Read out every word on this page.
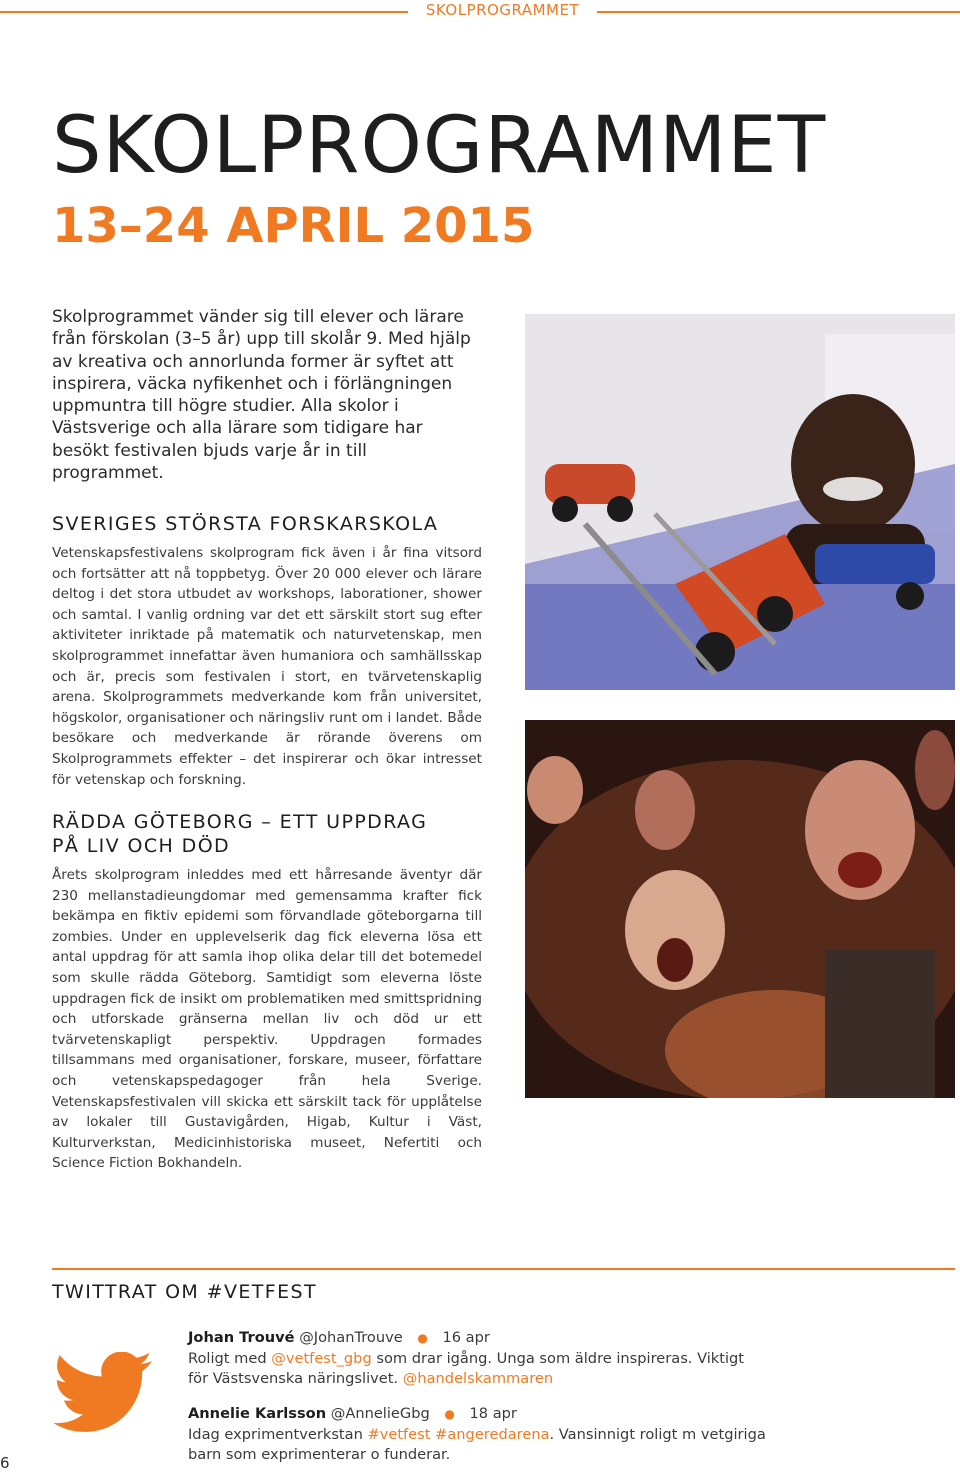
SKOLPROGRAMMET
SKOLPROGRAMMET
13–24 APRIL 2015

Skolprogrammet vänder sig till elever och lärare från förskolan (3–5 år) upp till skolår 9. Med hjälp av kreativa och annorlunda former är syftet att inspirera, väcka nyfikenhet och i förlängningen uppmuntra till högre studier. Alla skolor i Västsverige och alla lärare som tidigare har besökt festivalen bjuds varje år in till programmet.

SVERIGES STÖRSTA FORSKARSKOLA

Vetenskapsfestivalens skolprogram fick även i år fina vitsord och fortsätter att nå toppbetyg. Över 20 000 elever och lärare deltog i det stora utbudet av workshops, laborationer, shower och samtal. I vanlig ordning var det ett särskilt stort sug efter aktiviteter inriktade på matematik och naturvetenskap, men skolprogrammet innefattar även humaniora och samhällsskap och är, precis som festivalen i stort, en tvärvetenskaplig arena. Skolprogrammets medverkande kom från universitet, högskolor, organisationer och näringsliv runt om i landet. Både besökare och medverkande är rörande överens om Skolprogrammets effekter – det inspirerar och ökar intresset för vetenskap och forskning.

RÄDDA GÖTEBORG – ETT UPPDRAG
PÅ LIV OCH DÖD

Årets skolprogram inleddes med ett hårresande äventyr där 230 mellanstadieungdomar med gemensamma krafter fick bekämpa en fiktiv epidemi som förvandlade göteborgarna till zombies. Under en upplevelserik dag fick eleverna lösa ett antal uppdrag för att samla ihop olika delar till det botemedel som skulle rädda Göteborg. Samtidigt som eleverna löste uppdragen fick de insikt om problematiken med smittspridning och utforskade gränserna mellan liv och död ur ett tvärvetenskapligt perspektiv. Uppdragen formades tillsammans med organisationer, forskare, museer, författare och vetenskapspedagoger från hela Sverige. Vetenskapsfestivalen vill skicka ett särskilt tack för upplåtelse av lokaler till Gustavigården, Higab, Kultur i Väst, Kulturverkstan, Medicinhistoriska museet, Nefertiti och Science Fiction Bokhandeln.

TWITTRAT OM #VETFEST
Johan Trouvé @JohanTrouve ● 16 apr
Roligt med @vetfest_gbg som drar igång. Unga som äldre inspireras. Viktigt för Västsvenska näringslivet. @handelskammaren
Annelie Karlsson @AnnelieGbg ● 18 apr
Idag exprimentverkstan #vetfest #angeredarena. Vansinnigt roligt m vetgiriga barn som exprimenterar o funderar.
6
